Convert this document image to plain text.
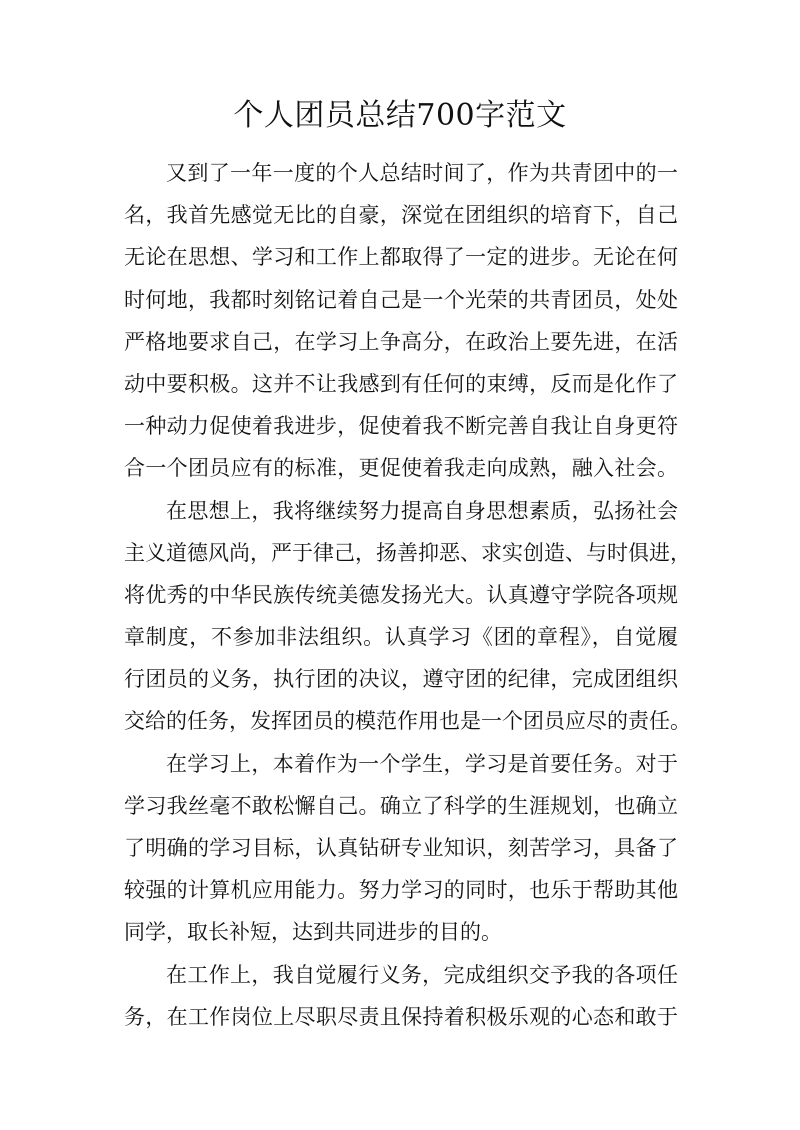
个人团员总结700字范文
又到了一年一度的个人总结时间了，作为共青团中的一
名，我首先感觉无比的自豪，深觉在团组织的培育下，自己
无论在思想、学习和工作上都取得了一定的进步。无论在何
时何地，我都时刻铭记着自己是一个光荣的共青团员，处处
严格地要求自己，在学习上争高分，在政治上要先进，在活
动中要积极。这并不让我感到有任何的束缚，反而是化作了
一种动力促使着我进步，促使着我不断完善自我让自身更符
合一个团员应有的标准，更促使着我走向成熟，融入社会。
在思想上，我将继续努力提高自身思想素质，弘扬社会
主义道德风尚，严于律己，扬善抑恶、求实创造、与时俱进，
将优秀的中华民族传统美德发扬光大。认真遵守学院各项规
章制度，不参加非法组织。认真学习《团的章程》，自觉履
行团员的义务，执行团的决议，遵守团的纪律，完成团组织
交给的任务，发挥团员的模范作用也是一个团员应尽的责任。
在学习上，本着作为一个学生，学习是首要任务。对于
学习我丝毫不敢松懈自己。确立了科学的生涯规划，也确立
了明确的学习目标，认真钻研专业知识，刻苦学习，具备了
较强的计算机应用能力。努力学习的同时，也乐于帮助其他
同学，取长补短，达到共同进步的目的。
在工作上，我自觉履行义务，完成组织交予我的各项任
务，在工作岗位上尽职尽责且保持着积极乐观的心态和敢于
